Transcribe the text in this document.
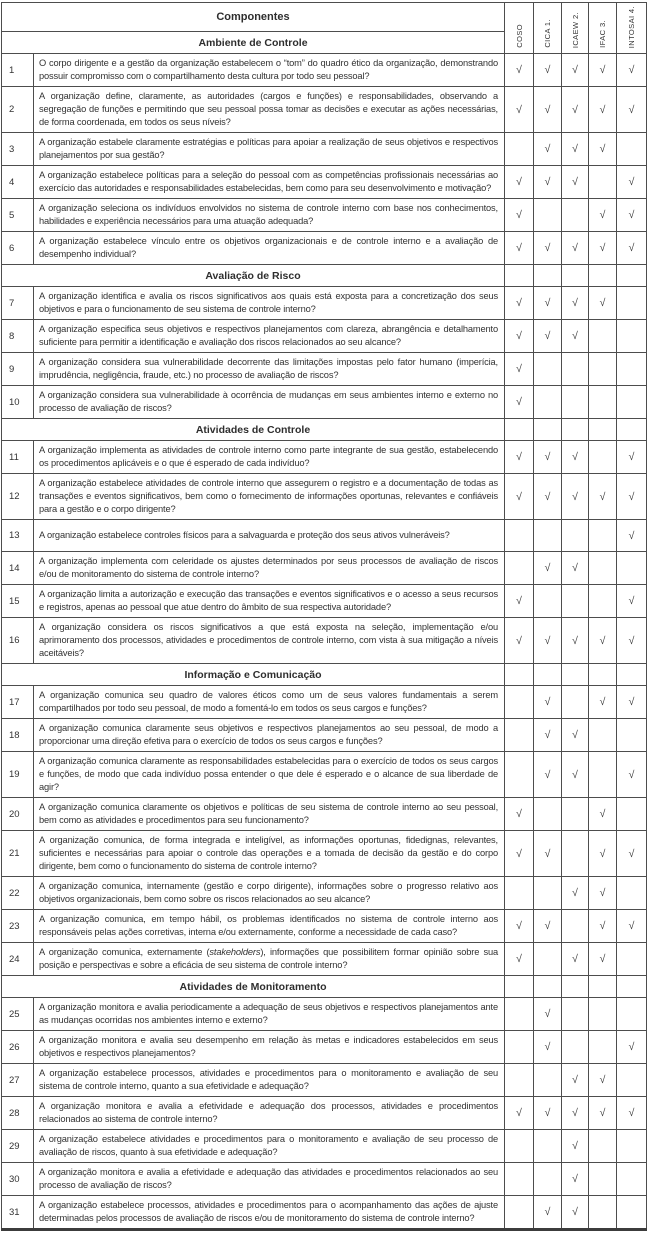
Componentes		COSO	CICA 1.	ICAEW 2.	IFAC 3.	INTOSAI 4.

Ambiente de Controle						
1	O corpo dirigente e a gestão da organização estabelecem o “tom” do quadro ético da organização, demonstrando possuir compromisso com o compartilhamento desta cultura por todo seu pessoal?	√	√	√	√	√
2	A organização define, claramente, as autoridades (cargos e funções) e responsabilidades, observando a segregação de funções e permitindo que seu pessoal possa tomar as decisões e executar as ações necessárias, de forma coordenada, em todos os seus níveis?	√	√	√	√	√
3	A organização estabele claramente estratégias e políticas para apoiar a realização de seus objetivos e respectivos planejamentos por sua gestão?		√	√	√	
4	A organização estabelece políticas para a seleção do pessoal com as competências profissionais necessárias ao exercício das autoridades e responsabilidades estabelecidas, bem como para seu desenvolvimento e motivação?	√	√	√		√
5	A organização seleciona os indivíduos envolvidos no sistema de controle interno com base nos conhecimentos, habilidades e experiência necessários para uma atuação adequada?	√			√	√
6	A organização estabelece vínculo entre os objetivos organizacionais e de controle interno e a avaliação de desempenho individual?	√	√	√	√	√
Avaliação de Risco						
7	A organização identifica e avalia os riscos significativos aos quais está exposta para a concretização dos seus objetivos e para o funcionamento de seu sistema de controle interno?	√	√	√	√	
8	A organização especifica seus objetivos e respectivos planejamentos com clareza, abrangência e detalhamento suficiente para permitir a identificação e avaliação dos riscos relacionados ao seu alcance?	√	√	√		
9	A organização considera sua vulnerabilidade decorrente das limitações impostas pelo fator humano (imperícia, imprudência, negligência, fraude, etc.) no processo de avaliação de riscos?	√				
10	A organização considera sua vulnerabilidade à ocorrência de mudanças em seus ambientes interno e externo no processo de avaliação de riscos?	√				
Atividades de Controle						
11	A organização implementa as atividades de controle interno como parte integrante de sua gestão, estabelecendo os procedimentos aplicáveis e o que é esperado de cada indivíduo?	√	√	√		√
12	A organização estabelece atividades de controle interno que assegurem o registro e a documentação de todas as transações e eventos significativos, bem como o fornecimento de informações oportunas, relevantes e confiáveis para a gestão e o corpo dirigente?	√	√	√	√	√
13	A organização estabelece controles físicos para a salvaguarda e proteção dos seus ativos vulneráveis?					√
14	A organização implementa com celeridade os ajustes determinados por seus processos de avaliação de riscos e/ou de monitoramento do sistema de controle interno?		√	√		
15	A organização limita a autorização e execução das transações e eventos significativos e o acesso a seus recursos e registros, apenas ao pessoal que atue dentro do âmbito de sua respectiva autoridade?	√				√
16	A organização considera os riscos significativos a que está exposta na seleção, implementação e/ou aprimoramento dos processos, atividades e procedimentos de controle interno, com vista à sua mitigação a níveis aceitáveis?	√	√	√	√	√
Informação e Comunicação						
17	A organização comunica seu quadro de valores éticos como um de seus valores fundamentais a serem compartilhados por todo seu pessoal, de modo a fomentá-lo em todos os seus cargos e funções?		√		√	√
18	A organização comunica claramente seus objetivos e respectivos planejamentos ao seu pessoal, de modo a proporcionar uma direção efetiva para o exercício de todos os seus cargos e funções?		√	√		
19	A organização comunica claramente as responsabilidades estabelecidas para o exercício de todos os seus cargos e funções, de modo que cada indivíduo possa entender o que dele é esperado e o alcance de sua liberdade de agir?		√	√		√
20	A organização comunica claramente os objetivos e políticas de seu sistema de controle interno ao seu pessoal, bem como as atividades e procedimentos para seu funcionamento?	√			√	
21	A organização comunica, de forma integrada e inteligível, as informações oportunas, fidedignas, relevantes, suficientes e necessárias para apoiar o controle das operações e a tomada de decisão da gestão e do corpo dirigente, bem como o funcionamento do sistema de controle interno?	√	√		√	√
22	A organização comunica, internamente (gestão e corpo dirigente), informações sobre o progresso relativo aos objetivos organizacionais, bem como sobre os riscos relacionados ao seu alcance?			√	√	
23	A organização comunica, em tempo hábil, os problemas identificados no sistema de controle interno aos responsáveis pelas ações corretivas, interna e/ou externamente, conforme a necessidade de cada caso?	√	√		√	√
24	A organização comunica, externamente (stakeholders), informações que possibilitem formar opinião sobre sua posição e perspectivas e sobre a eficácia de seu sistema de controle interno?	√		√	√	
Atividades de Monitoramento						
25	A organização monitora e avalia periodicamente a adequação de seus objetivos e respectivos planejamentos ante as mudanças ocorridas nos ambientes interno e externo?		√			
26	A organização monitora e avalia seu desempenho em relação às metas e indicadores estabelecidos em seus objetivos e respectivos planejamentos?		√			√
27	A organização estabelece processos, atividades e procedimentos para o monitoramento e avaliação de seu sistema de controle interno, quanto a sua efetividade e adequação?			√	√	
28	A organização monitora e avalia a efetividade e adequação dos processos, atividades e procedimentos relacionados ao sistema de controle interno?	√	√	√	√	√
29	A organização estabelece atividades e procedimentos para o monitoramento e avaliação de seu processo de avaliação de riscos, quanto à sua efetividade e adequação?			√		
30	A organização monitora e avalia a efetividade e adequação das atividades e procedimentos relacionados ao seu processo de avaliação de riscos?			√		
31	A organização estabelece processos, atividades e procedimentos para o acompanhamento das ações de ajuste determinadas pelos processos de avaliação de riscos e/ou de monitoramento do sistema de controle interno?		√	√		
